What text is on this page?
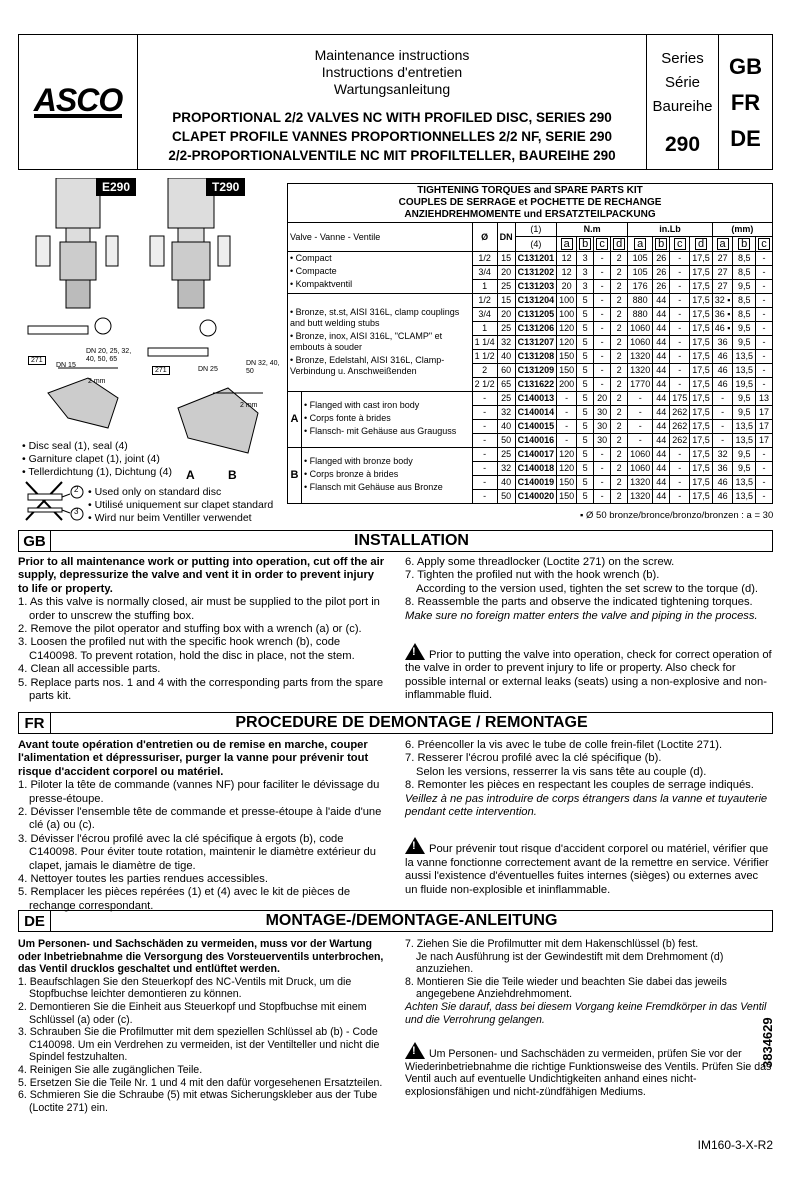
ASCO
Maintenance instructions
Instructions d'entretien
Wartungsanleitung
PROPORTIONAL 2/2 VALVES NC WITH PROFILED DISC, SERIES 290
CLAPET PROFILE VANNES PROPORTIONNELLES 2/2 NF, SERIE 290
2/2-PROPORTIONALVENTILE NC MIT PROFILTELLER, BAUREIHE 290
Series
Série
Baureihe
290
GB
FR
DE
E290	T290
DN 20, 25, 32, 40, 50, 65
DN 15	DN 32, 40, 50
DN 25
2 mm
2 mm
271
271
A	B
• Disc seal (1), seal (4)
• Garniture clapet (1), joint (4)
• Tellerdichtung (1), Dichtung (4)
2
3
• Used only on standard disc
• Utilisé uniquement sur clapet standard
• Wird nur beim Ventiller verwendet
TIGHTENING TORQUES and SPARE PARTS KIT
COUPLES DE SERRAGE et POCHETTE DE RECHANGE
ANZIEHDREHMOMENTE und ERSATZTEILPACKUNG															

Valve - Vanne - Ventile		Ø	DN	(1)	N.m				in.Lb				(mm)		
				(4)	a	b	c	d	a	b	c	d	a	b	c

• Compact
• Compacte
• Kompaktventil		1/2	15	C131201	12	3	-	2	105	26	-	17,5	27	8,5	-
		3/4	20	C131202	12	3	-	2	105	26	-	17,5	27	8,5	-
		1	25	C131203	20	3	-	2	176	26	-	17,5	27	9,5	-

• Bronze, st.st, AISI 316L, clamp couplings and butt welding stubs
• Bronze, inox, AISI 316L, "CLAMP" et embouts à souder
• Bronze, Edelstahl, AISI 316L, Clamp-Verbindung u. Anschweißenden		1/2	15	C131204	100	5	-	2	880	44	-	17,5	32 ▪	8,5	-
		3/4	20	C131205	100	5	-	2	880	44	-	17,5	36 ▪	8,5	-
		1	25	C131206	120	5	-	2	1060	44	-	17,5	46 ▪	9,5	-
		1 1/4	32	C131207	120	5	-	2	1060	44	-	17,5	36	9,5	-
		1 1/2	40	C131208	150	5	-	2	1320	44	-	17,5	46	13,5	-
		2	60	C131209	150	5	-	2	1320	44	-	17,5	46	13,5	-
		2 1/2	65	C131622	200	5	-	2	1770	44	-	17,5	46	19,5	-
A	• Flanged with cast iron body
• Corps fonte à brides
• Flansch- mit Gehäuse aus Grauguss	-	25	C140013	-	5	20	2	-	44	175	17,5	-	9,5	13
		-	32	C140014	-	5	30	2	-	44	262	17,5	-	9,5	17
		-	40	C140015	-	5	30	2	-	44	262	17,5	-	13,5	17
		-	50	C140016	-	5	30	2	-	44	262	17,5	-	13,5	17
B	• Flanged with bronze body
• Corps bronze à brides
• Flansch mit Gehäuse aus Bronze	-	25	C140017	120	5	-	2	1060	44	-	17,5	32	9,5	-
		-	32	C140018	120	5	-	2	1060	44	-	17,5	36	9,5	-
		-	40	C140019	150	5	-	2	1320	44	-	17,5	46	13,5	-
		-	50	C140020	150	5	-	2	1320	44	-	17,5	46	13,5	-
▪ Ø 50 bronze/bronce/bronzo/bronzen : a = 30
GB	INSTALLATION

Prior to all maintenance work or putting into operation, cut off the air supply, depressurize the valve and vent it in order to prevent injury to life or property.

1. As this valve is normally closed, air must be supplied to the pilot port in order to unscrew the stuffing box.

2. Remove the pilot operator and stuffing box with a wrench (a) or (c).

3. Loosen the profiled nut with the specific hook wrench (b), code C140098. To prevent rotation, hold the disc in place, not the stem.

4. Clean all accessible parts.

5. Replace parts nos. 1 and 4 with the corresponding parts from the spare parts kit.

6. Apply some threadlocker (Loctite 271) on the screw.

7. Tighten the profiled nut with the hook wrench (b).

According to the version used, tighten the set screw to the torque (d).

8. Reassemble the parts and observe the indicated tightening torques.

Make sure no foreign matter enters the valve and piping in the process.

!Prior to putting the valve into operation, check for correct operation of the valve in order to prevent injury to life or property. Also check for possible internal or external leaks (seats) using a non-explosive and non-inflammable fluid.

FR	PROCEDURE DE DEMONTAGE / REMONTAGE

Avant toute opération d'entretien ou de remise en marche, couper l'alimentation et dépressuriser, purger la vanne pour prévenir tout risque d'accident corporel ou matériel.

1. Piloter la tête de commande (vannes NF) pour faciliter le dévissage du presse-étoupe.

2. Dévisser l'ensemble tête de commande et presse-étoupe à l'aide d'une clé (a) ou (c).

3. Dévisser l'écrou profilé avec la clé spécifique à ergots (b), code C140098. Pour éviter toute rotation, maintenir le diamètre extérieur du clapet, jamais le diamètre de tige.

4. Nettoyer toutes les parties rendues accessibles.

5. Remplacer les pièces repérées (1) et (4) avec le kit de pièces de rechange correspondant.

6. Préencoller la vis avec le tube de colle frein-filet (Loctite 271).

7. Resserer l'écrou profilé avec la clé spécifique (b).

Selon les versions, resserrer la vis sans tête au couple (d).

8. Remonter les pièces en respectant les couples de serrage indiqués.

Veillez à ne pas introduire de corps étrangers dans la vanne et tuyauterie pendant cette intervention.

!Pour prévenir tout risque d'accident corporel ou matériel, vérifier que la vanne fonctionne correctement avant de la remettre en service. Vérifier aussi l'existence d'éventuelles fuites internes (sièges) ou externes avec un fluide non-explosible et ininflammable.

DE	MONTAGE-/DEMONTAGE-ANLEITUNG

Um Personen- und Sachschäden zu vermeiden, muss vor der Wartung oder Inbetriebnahme die Versorgung des Vorsteuerventils unterbrochen, das Ventil drucklos geschaltet und entlüftet werden.

1. Beaufschlagen Sie den Steuerkopf des NC-Ventils mit Druck, um die Stopfbuchse leichter demontieren zu können.

2. Demontieren Sie die Einheit aus Steuerkopf und Stopfbuchse mit einem Schlüssel (a) oder (c).

3. Schrauben Sie die Profilmutter mit dem speziellen Schlüssel ab (b) - Code C140098. Um ein Verdrehen zu vermeiden, ist der Ventilteller und nicht die Spindel festzuhalten.

4. Reinigen Sie alle zugänglichen Teile.

5. Ersetzen Sie die Teile Nr. 1 und 4 mit den dafür vorgesehenen Ersatzteilen.

6. Schmieren Sie die Schraube (5) mit etwas Sicherungskleber aus der Tube (Loctite 271) ein.

7. Ziehen Sie die Profilmutter mit dem Hakenschlüssel (b) fest.

Je nach Ausführung ist der Gewindestift mit dem Drehmoment (d) anzuziehen.

8. Montieren Sie die Teile wieder und beachten Sie dabei das jeweils angegebene Anziehdrehmoment.

Achten Sie darauf, dass bei diesem Vorgang keine Fremdkörper in das Ventil und die Verrohrung gelangen.

!Um Personen- und Sachschäden zu vermeiden, prüfen Sie vor der Wiederinbetriebnahme die richtige Funktionsweise des Ventils. Prüfen Sie das Ventil auch auf eventuelle Undichtigkeiten anhand eines nicht-explosionsfähigen und nicht-zündfähigen Mediums.

3834629
IM160-3-X-R2
